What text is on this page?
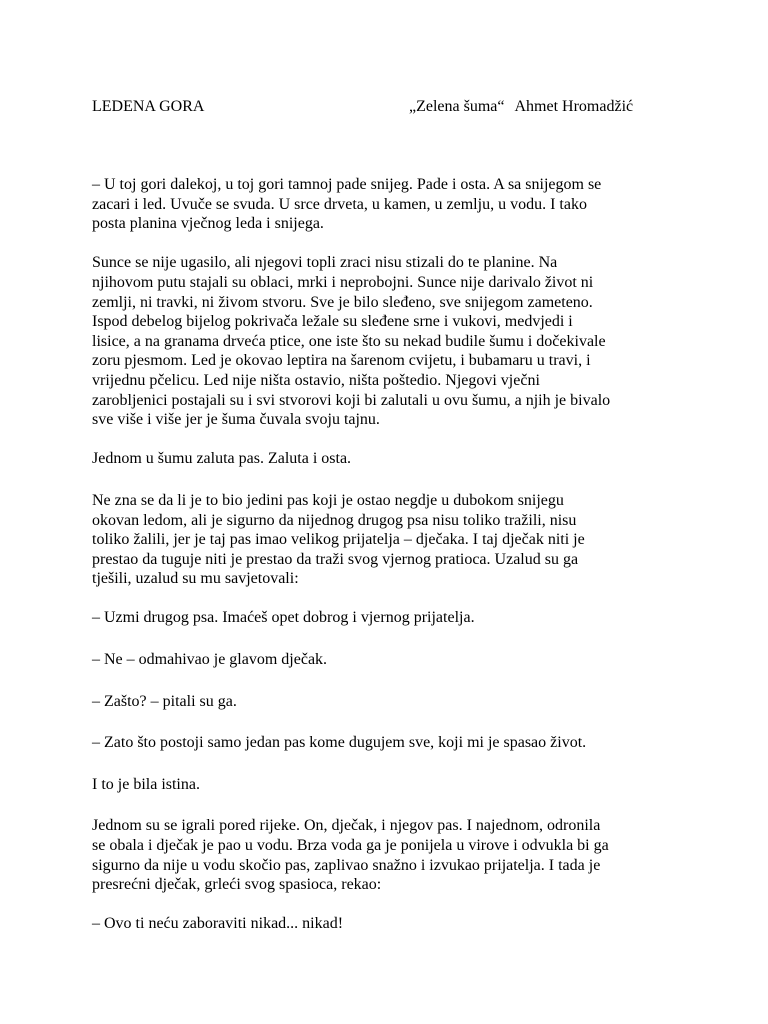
LEDENA GORA	„Zelena šuma“ Ahmet Hromadžić
– U toj gori dalekoj, u toj gori tamnoj pade snijeg. Pade i osta. A sa snijegom se
zacari i led. Uvuče se svuda. U srce drveta, u kamen, u zemlju, u vodu. I tako
posta planina vječnog leda i snijega.
Sunce se nije ugasilo, ali njegovi topli zraci nisu stizali do te planine. Na
njihovom putu stajali su oblaci, mrki i neprobojni. Sunce nije darivalo život ni
zemlji, ni travki, ni živom stvoru. Sve je bilo sleđeno, sve snijegom zameteno.
Ispod debelog bijelog pokrivača ležale su sleđene srne i vukovi, medvjedi i
lisice, a na granama drveća ptice, one iste što su nekad budile šumu i dočekivale
zoru pjesmom. Led je okovao leptira na šarenom cvijetu, i bubamaru u travi, i
vrijednu pčelicu. Led nije ništa ostavio, ništa poštedio. Njegovi vječni
zarobljenici postajali su i svi stvorovi koji bi zalutali u ovu šumu, a njih je bivalo
sve više i više jer je šuma čuvala svoju tajnu.
Jednom u šumu zaluta pas. Zaluta i osta.
Ne zna se da li je to bio jedini pas koji je ostao negdje u dubokom snijegu
okovan ledom, ali je sigurno da nijednog drugog psa nisu toliko tražili, nisu
toliko žalili, jer je taj pas imao velikog prijatelja – dječaka. I taj dječak niti je
prestao da tuguje niti je prestao da traži svog vjernog pratioca. Uzalud su ga
tješili, uzalud su mu savjetovali:
– Uzmi drugog psa. Imaćeš opet dobrog i vjernog prijatelja.
– Ne – odmahivao je glavom dječak.
– Zašto? – pitali su ga.
– Zato što postoji samo jedan pas kome dugujem sve, koji mi je spasao život.
I to je bila istina.
Jednom su se igrali pored rijeke. On, dječak, i njegov pas. I najednom, odronila
se obala i dječak je pao u vodu. Brza voda ga je ponijela u virove i odvukla bi ga
sigurno da nije u vodu skočio pas, zaplivao snažno i izvukao prijatelja. I tada je
presrećni dječak, grleći svog spasioca, rekao:
– Ovo ti neću zaboraviti nikad... nikad!
